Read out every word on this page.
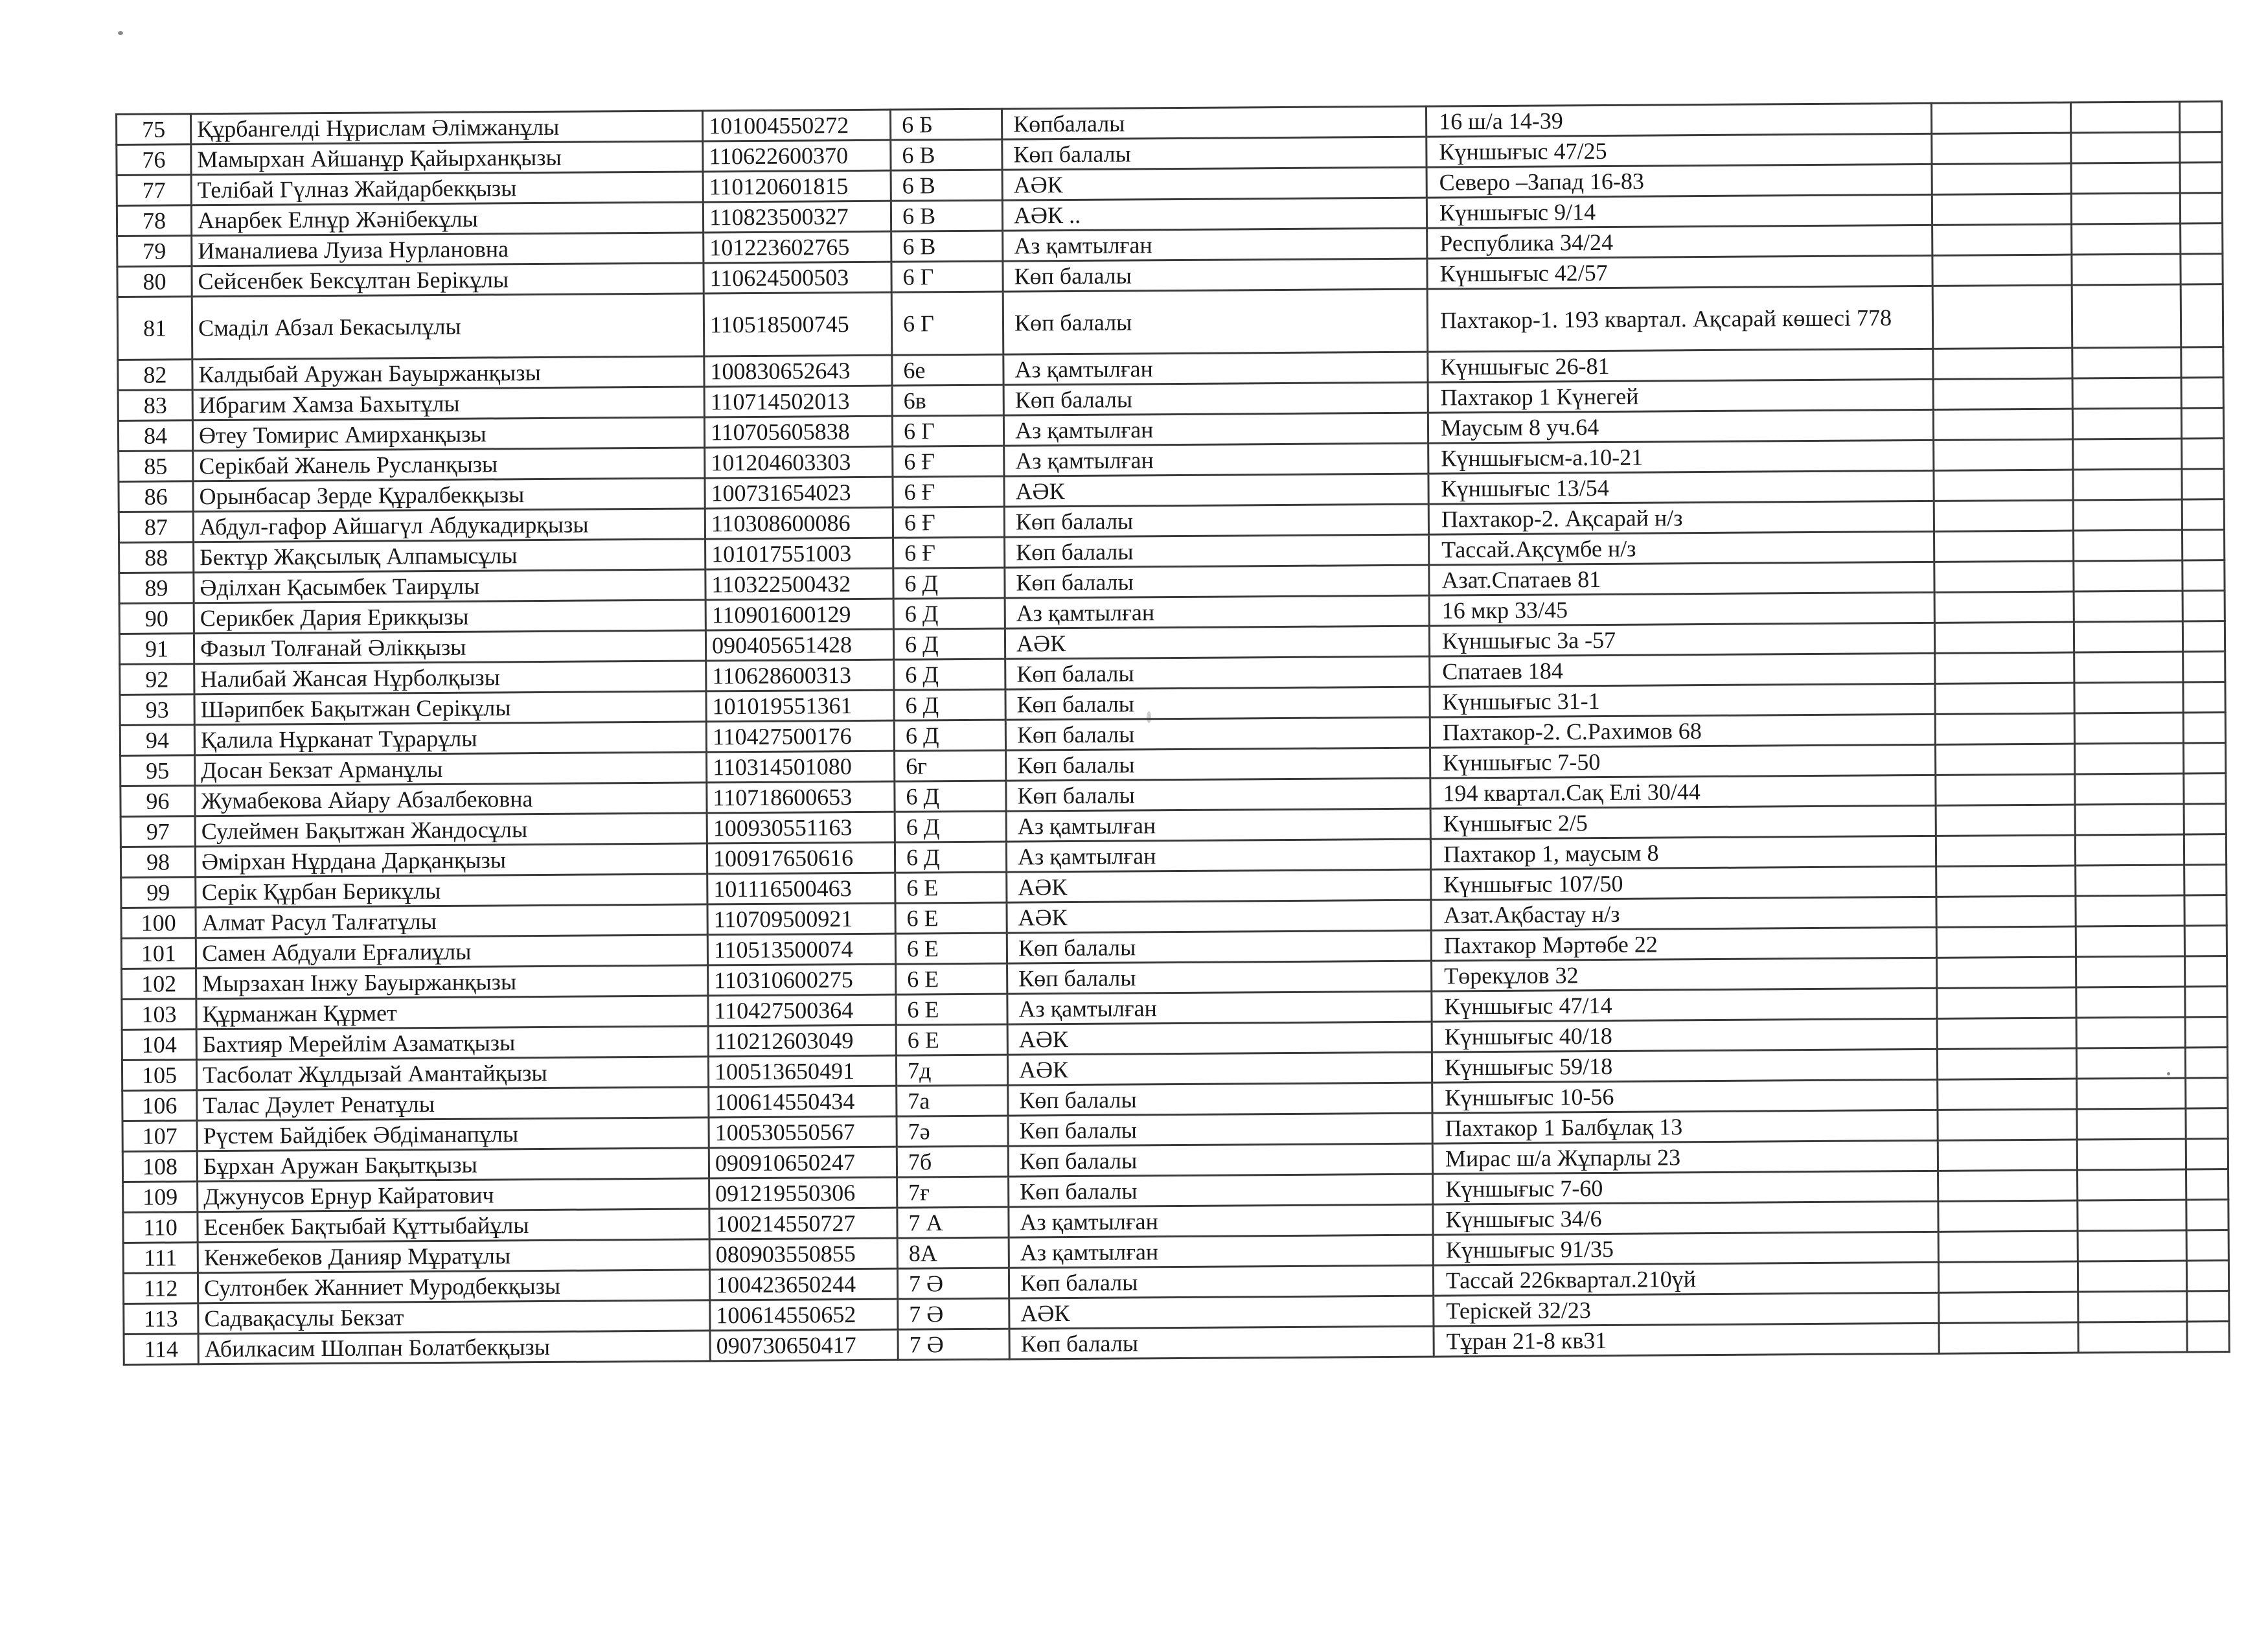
75	Құрбангелді Нұрислам Әлімжанұлы	101004550272	6 Б	Көпбалалы	16 ш/а 14-39			
76	Мамырхан Айшанұр Қайырханқызы	110622600370	6 В	Көп балалы	Күншығыс 47/25			
77	Телібай Гүлназ Жайдарбекқызы	110120601815	6 В	АӘК	Северо –Запад 16-83			
78	Анарбек Елнұр Жәнібекұлы	110823500327	6 В	АӘК ..	Күншығыс 9/14			
79	Иманалиева Луиза Нурлановна	101223602765	6 В	Аз қамтылған	Республика 34/24			
80	Сейсенбек Бексұлтан Берікұлы	110624500503	6 Г	Көп балалы	Күншығыс 42/57			
81	Смаділ Абзал Бекасылұлы	110518500745	6 Г	Көп балалы	Пахтакор-1. 193 квартал. Ақсарай көшесі 778			
82	Калдыбай Аружан Бауыржанқызы	100830652643	6е	Аз қамтылған	Күншығыс 26-81			
83	Ибрагим Хамза Бахытұлы	110714502013	6в	Көп балалы	Пахтакор 1 Күнегей			
84	Өтеу Томирис Амирханқызы	110705605838	6 Г	Аз қамтылған	Маусым 8 уч.64			
85	Серікбай Жанель Русланқызы	101204603303	6 Ғ	Аз қамтылған	Күншығысм-а.10-21			
86	Орынбасар Зерде Құралбекқызы	100731654023	6 Ғ	АӘК	Күншығыс 13/54			
87	Абдул-гафор Айшагүл Абдукадирқызы	110308600086	6 Ғ	Көп балалы	Пахтакор-2. Ақсарай н/з			
88	Бектұр Жақсылық Алпамысұлы	101017551003	6 Ғ	Көп балалы	Тассай.Ақсүмбе н/з			
89	Әділхан Қасымбек Таирұлы	110322500432	6 Д	Көп балалы	Азат.Спатаев 81			
90	Серикбек Дария Ерикқызы	110901600129	6 Д	Аз қамтылған	16 мкр 33/45			
91	Фазыл Толғанай Әлікқызы	090405651428	6 Д	АӘК	Күншығыс 3а -57			
92	Налибай Жансая Нұрболқызы	110628600313	6 Д	Көп балалы	Спатаев 184			
93	Шәрипбек Бақытжан Серікұлы	101019551361	6 Д	Көп балалы	Күншығыс 31-1			
94	Қалила Нұрканат Тұрарұлы	110427500176	6 Д	Көп балалы	Пахтакор-2. С.Рахимов 68			
95	Досан Бекзат Арманұлы	110314501080	6г	Көп балалы	Күншығыс 7-50			
96	Жумабекова Айару Абзалбековна	110718600653	6 Д	Көп балалы	194 квартал.Сақ Елі 30/44			
97	Сулеймен Бақытжан Жандосұлы	100930551163	6 Д	Аз қамтылған	Күншығыс 2/5			
98	Әмірхан Нұрдана Дарқанқызы	100917650616	6 Д	Аз қамтылған	Пахтакор 1, маусым 8			
99	Серік Құрбан Берикұлы	101116500463	6 Е	АӘК	Күншығыс 107/50			
100	Алмат Расул Талғатұлы	110709500921	6 Е	АӘК	Азат.Ақбастау н/з			
101	Самен Абдуали Ерғалиұлы	110513500074	6 Е	Көп балалы	Пахтакор Мәртөбе 22			
102	Мырзахан Інжу Бауыржанқызы	110310600275	6 Е	Көп балалы	Төрекұлов 32			
103	Құрманжан Құрмет	110427500364	6 Е	Аз қамтылған	Күншығыс 47/14			
104	Бахтияр Мерейлім Азаматқызы	110212603049	6 Е	АӘК	Күншығыс 40/18			
105	Тасболат Жұлдызай Амантайқызы	100513650491	7д	АӘК	Күншығыс 59/18			
106	Талас Дәулет Ренатұлы	100614550434	7а	Көп балалы	Күншығыс 10-56			
107	Рүстем Байдібек Әбдіманапұлы	100530550567	7ә	Көп балалы	Пахтакор 1 Балбұлақ 13			
108	Бұрхан Аружан Бақытқызы	090910650247	7б	Көп балалы	Мирас ш/а Жұпарлы 23			
109	Джунусов Ернур Кайратович	091219550306	7ғ	Көп балалы	Күншығыс 7-60			
110	Есенбек Бақтыбай Құттыбайұлы	100214550727	7 А	Аз қамтылған	Күншығыс 34/6			
111	Кенжебеков Данияр Мұратұлы	080903550855	8А	Аз қамтылған	Күншығыс 91/35			
112	Султонбек Жанниет Муродбекқызы	100423650244	7 Ә	Көп балалы	Тассай 226квартал.210үй			
113	Садвақасұлы Бекзат	100614550652	7 Ә	АӘК	Теріскей 32/23			
114	Абилкасим Шолпан Болатбекқызы	090730650417	7 Ә	Көп балалы	Тұран 21-8 кв31			
